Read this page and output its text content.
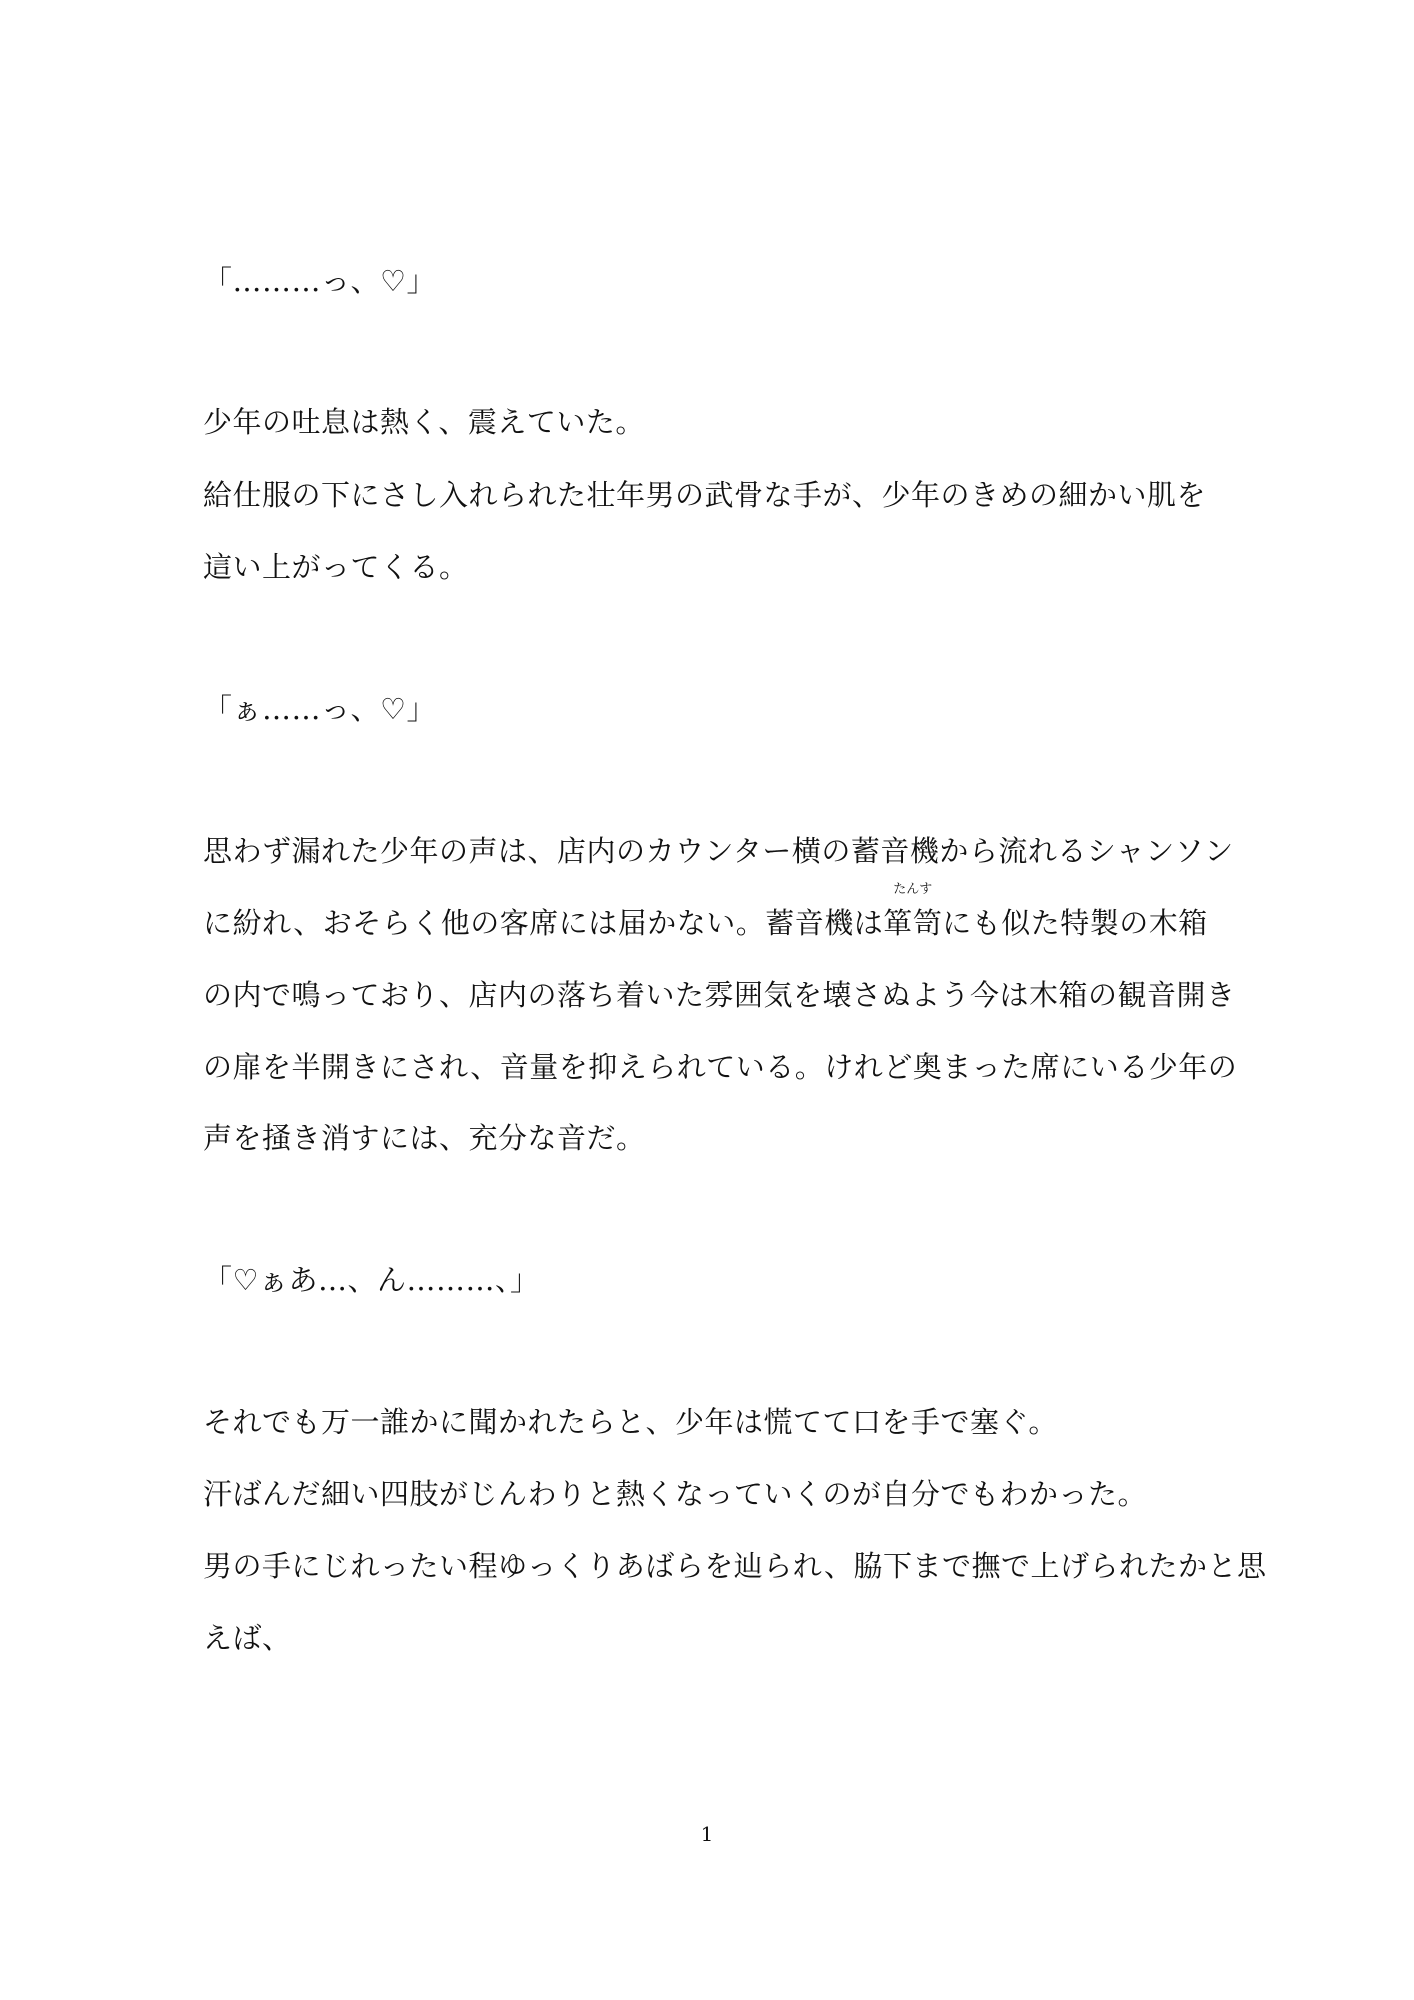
「………っ、♡」
少年の吐息は熱く、震えていた。
給仕服の下にさし入れられた壮年男の武骨な手が、少年のきめの細かい肌を
這い上がってくる。
「ぁ……っ、♡」
思わず漏れた少年の声は、店内のカウンター横の蓄音機から流れるシャンソン
に紛れ、おそらく他の客席には届かない。蓄音機は
たんす
箪笥にも似た特製の木箱
の内で鳴っており、店内の落ち着いた雰囲気を壊さぬよう今は木箱の観音開き
の扉を半開きにされ、音量を抑えられている。けれど奥まった席にいる少年の
声を掻き消すには、充分な音だ。
「♡ぁあ…、ん………、」
それでも万一誰かに聞かれたらと、少年は慌てて口を手で塞ぐ。
汗ばんだ細い四肢がじんわりと熱くなっていくのが自分でもわかった。
男の手にじれったい程ゆっくりあばらを辿られ、脇下まで撫で上げられたかと思
えば、
1
